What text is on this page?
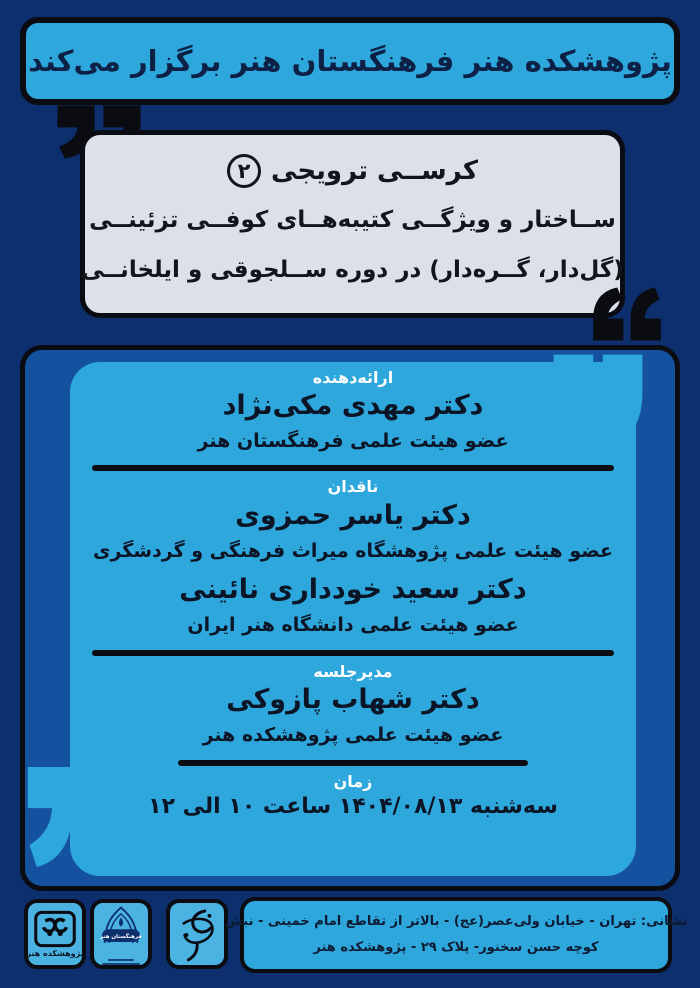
پژوهشکده هنر فرهنگستان هنر برگزار می‌کند
کرســی ترویجی
۲
ســاختار و ویژگــی کتیبه‌هــای کوفــی تزئینــی
(گل‌دار، گــره‌دار) در دوره ســلجوقی و ایلخانــی
ارائه‌دهنده
دکتر مهدی مکی‌نژاد
عضو هیئت علمی فرهنگستان هنر
ناقدان
دکتر یاسر حمزوی
عضو هیئت علمی پژوهشگاه میراث فرهنگی و گردشگری
دکتر سعید خودداری نائینی
عضو هیئت علمی دانشگاه هنر ایران
مدیرجلسه
دکتر شهاب پازوکی
عضو هیئت علمی پژوهشکده هنر
زمان
سه‌شنبه ۱۴۰۴/۰۸/۱۳ ساعت ۱۰ الی ۱۲
پژوهشکده هنر
فرهنگستان هنر
نشانی: تهران - خیابان ولی‌عصر(عج) - بالاتر از تقاطع امام خمینی - نبش
کوچه حسن سخنور- پلاک ۲۹ - پژوهشکده هنر
